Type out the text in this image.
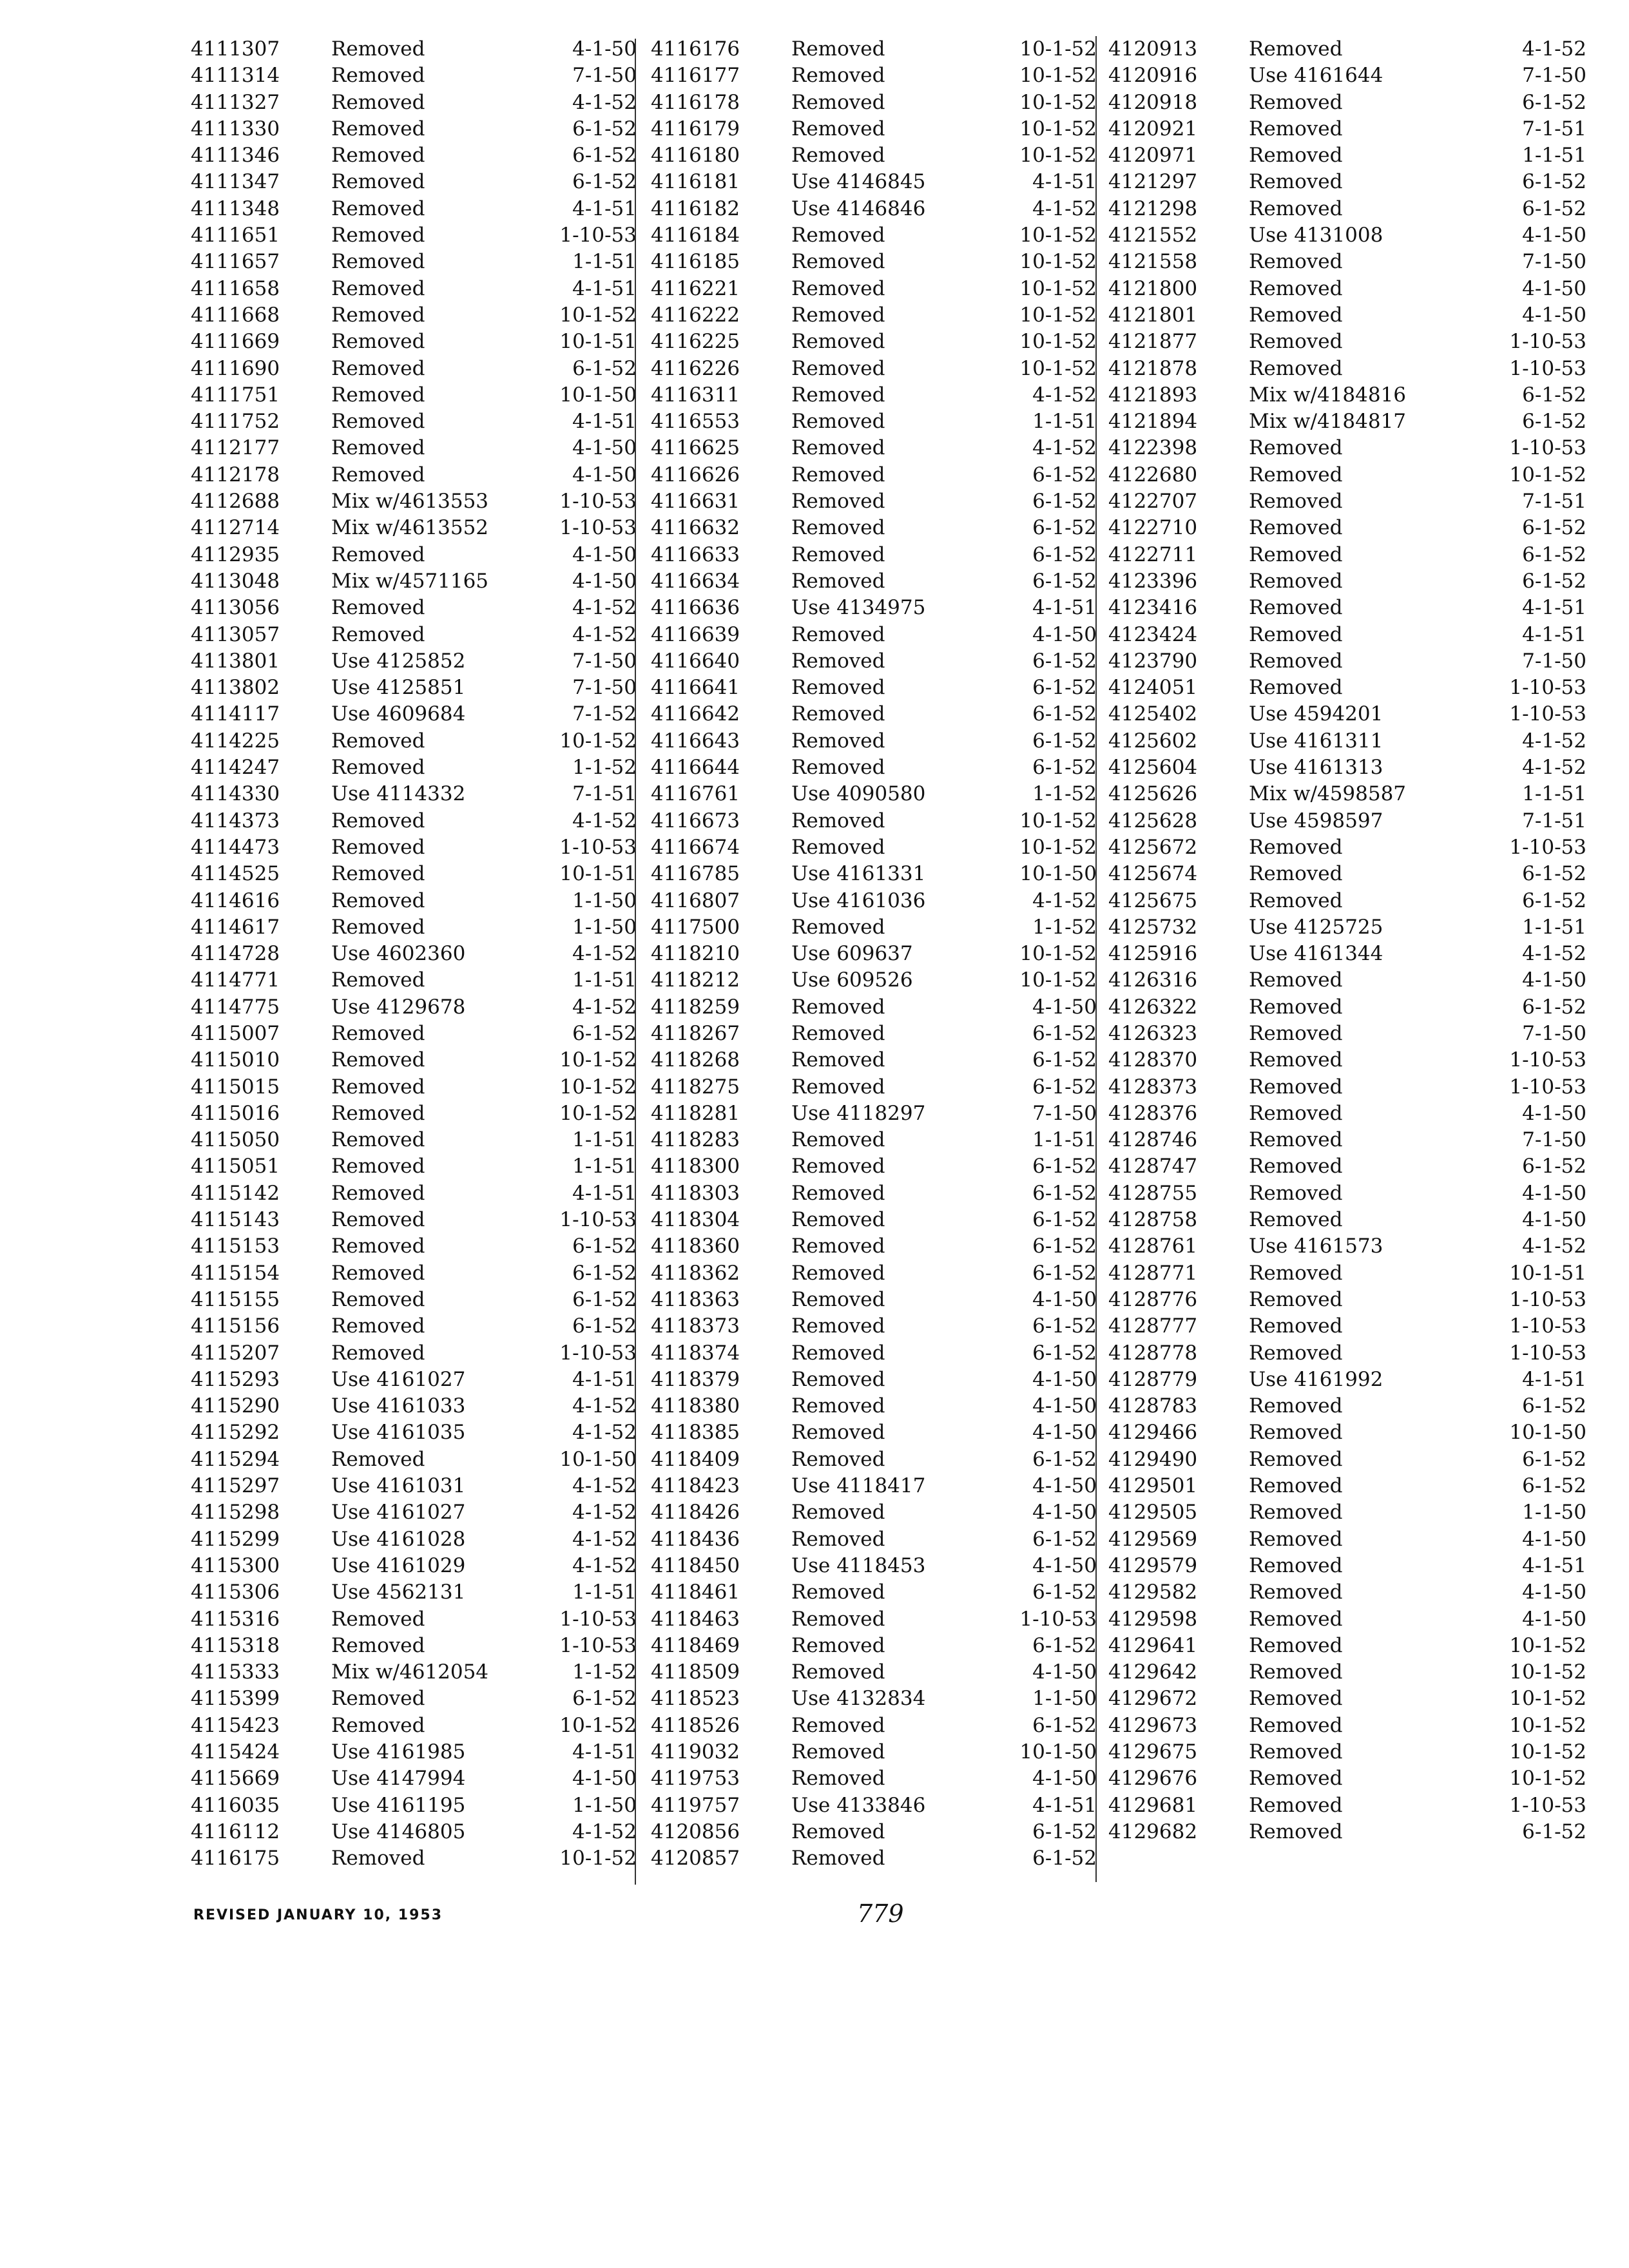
4111307	Removed	4-1-50
4111314	Removed	7-1-50
4111327	Removed	4-1-52
4111330	Removed	6-1-52
4111346	Removed	6-1-52
4111347	Removed	6-1-52
4111348	Removed	4-1-51
4111651	Removed	1-10-53
4111657	Removed	1-1-51
4111658	Removed	4-1-51
4111668	Removed	10-1-52
4111669	Removed	10-1-51
4111690	Removed	6-1-52
4111751	Removed	10-1-50
4111752	Removed	4-1-51
4112177	Removed	4-1-50
4112178	Removed	4-1-50
4112688	Mix w/4613553	1-10-53
4112714	Mix w/4613552	1-10-53
4112935	Removed	4-1-50
4113048	Mix w/4571165	4-1-50
4113056	Removed	4-1-52
4113057	Removed	4-1-52
4113801	Use 4125852	7-1-50
4113802	Use 4125851	7-1-50
4114117	Use 4609684	7-1-52
4114225	Removed	10-1-52
4114247	Removed	1-1-52
4114330	Use 4114332	7-1-51
4114373	Removed	4-1-52
4114473	Removed	1-10-53
4114525	Removed	10-1-51
4114616	Removed	1-1-50
4114617	Removed	1-1-50
4114728	Use 4602360	4-1-52
4114771	Removed	1-1-51
4114775	Use 4129678	4-1-52
4115007	Removed	6-1-52
4115010	Removed	10-1-52
4115015	Removed	10-1-52
4115016	Removed	10-1-52
4115050	Removed	1-1-51
4115051	Removed	1-1-51
4115142	Removed	4-1-51
4115143	Removed	1-10-53
4115153	Removed	6-1-52
4115154	Removed	6-1-52
4115155	Removed	6-1-52
4115156	Removed	6-1-52
4115207	Removed	1-10-53
4115293	Use 4161027	4-1-51
4115290	Use 4161033	4-1-52
4115292	Use 4161035	4-1-52
4115294	Removed	10-1-50
4115297	Use 4161031	4-1-52
4115298	Use 4161027	4-1-52
4115299	Use 4161028	4-1-52
4115300	Use 4161029	4-1-52
4115306	Use 4562131	1-1-51
4115316	Removed	1-10-53
4115318	Removed	1-10-53
4115333	Mix w/4612054	1-1-52
4115399	Removed	6-1-52
4115423	Removed	10-1-52
4115424	Use 4161985	4-1-51
4115669	Use 4147994	4-1-50
4116035	Use 4161195	1-1-50
4116112	Use 4146805	4-1-52
4116175	Removed	10-1-52
4116176	Removed	10-1-52
4116177	Removed	10-1-52
4116178	Removed	10-1-52
4116179	Removed	10-1-52
4116180	Removed	10-1-52
4116181	Use 4146845	4-1-51
4116182	Use 4146846	4-1-52
4116184	Removed	10-1-52
4116185	Removed	10-1-52
4116221	Removed	10-1-52
4116222	Removed	10-1-52
4116225	Removed	10-1-52
4116226	Removed	10-1-52
4116311	Removed	4-1-52
4116553	Removed	1-1-51
4116625	Removed	4-1-52
4116626	Removed	6-1-52
4116631	Removed	6-1-52
4116632	Removed	6-1-52
4116633	Removed	6-1-52
4116634	Removed	6-1-52
4116636	Use 4134975	4-1-51
4116639	Removed	4-1-50
4116640	Removed	6-1-52
4116641	Removed	6-1-52
4116642	Removed	6-1-52
4116643	Removed	6-1-52
4116644	Removed	6-1-52
4116761	Use 4090580	1-1-52
4116673	Removed	10-1-52
4116674	Removed	10-1-52
4116785	Use 4161331	10-1-50
4116807	Use 4161036	4-1-52
4117500	Removed	1-1-52
4118210	Use 609637	10-1-52
4118212	Use 609526	10-1-52
4118259	Removed	4-1-50
4118267	Removed	6-1-52
4118268	Removed	6-1-52
4118275	Removed	6-1-52
4118281	Use 4118297	7-1-50
4118283	Removed	1-1-51
4118300	Removed	6-1-52
4118303	Removed	6-1-52
4118304	Removed	6-1-52
4118360	Removed	6-1-52
4118362	Removed	6-1-52
4118363	Removed	4-1-50
4118373	Removed	6-1-52
4118374	Removed	6-1-52
4118379	Removed	4-1-50
4118380	Removed	4-1-50
4118385	Removed	4-1-50
4118409	Removed	6-1-52
4118423	Use 4118417	4-1-50
4118426	Removed	4-1-50
4118436	Removed	6-1-52
4118450	Use 4118453	4-1-50
4118461	Removed	6-1-52
4118463	Removed	1-10-53
4118469	Removed	6-1-52
4118509	Removed	4-1-50
4118523	Use 4132834	1-1-50
4118526	Removed	6-1-52
4119032	Removed	10-1-50
4119753	Removed	4-1-50
4119757	Use 4133846	4-1-51
4120856	Removed	6-1-52
4120857	Removed	6-1-52
4120913	Removed	4-1-52
4120916	Use 4161644	7-1-50
4120918	Removed	6-1-52
4120921	Removed	7-1-51
4120971	Removed	1-1-51
4121297	Removed	6-1-52
4121298	Removed	6-1-52
4121552	Use 4131008	4-1-50
4121558	Removed	7-1-50
4121800	Removed	4-1-50
4121801	Removed	4-1-50
4121877	Removed	1-10-53
4121878	Removed	1-10-53
4121893	Mix w/4184816	6-1-52
4121894	Mix w/4184817	6-1-52
4122398	Removed	1-10-53
4122680	Removed	10-1-52
4122707	Removed	7-1-51
4122710	Removed	6-1-52
4122711	Removed	6-1-52
4123396	Removed	6-1-52
4123416	Removed	4-1-51
4123424	Removed	4-1-51
4123790	Removed	7-1-50
4124051	Removed	1-10-53
4125402	Use 4594201	1-10-53
4125602	Use 4161311	4-1-52
4125604	Use 4161313	4-1-52
4125626	Mix w/4598587	1-1-51
4125628	Use 4598597	7-1-51
4125672	Removed	1-10-53
4125674	Removed	6-1-52
4125675	Removed	6-1-52
4125732	Use 4125725	1-1-51
4125916	Use 4161344	4-1-52
4126316	Removed	4-1-50
4126322	Removed	6-1-52
4126323	Removed	7-1-50
4128370	Removed	1-10-53
4128373	Removed	1-10-53
4128376	Removed	4-1-50
4128746	Removed	7-1-50
4128747	Removed	6-1-52
4128755	Removed	4-1-50
4128758	Removed	4-1-50
4128761	Use 4161573	4-1-52
4128771	Removed	10-1-51
4128776	Removed	1-10-53
4128777	Removed	1-10-53
4128778	Removed	1-10-53
4128779	Use 4161992	4-1-51
4128783	Removed	6-1-52
4129466	Removed	10-1-50
4129490	Removed	6-1-52
4129501	Removed	6-1-52
4129505	Removed	1-1-50
4129569	Removed	4-1-50
4129579	Removed	4-1-51
4129582	Removed	4-1-50
4129598	Removed	4-1-50
4129641	Removed	10-1-52
4129642	Removed	10-1-52
4129672	Removed	10-1-52
4129673	Removed	10-1-52
4129675	Removed	10-1-52
4129676	Removed	10-1-52
4129681	Removed	1-10-53
4129682	Removed	6-1-52
REVISED JANUARY 10, 1953	779
